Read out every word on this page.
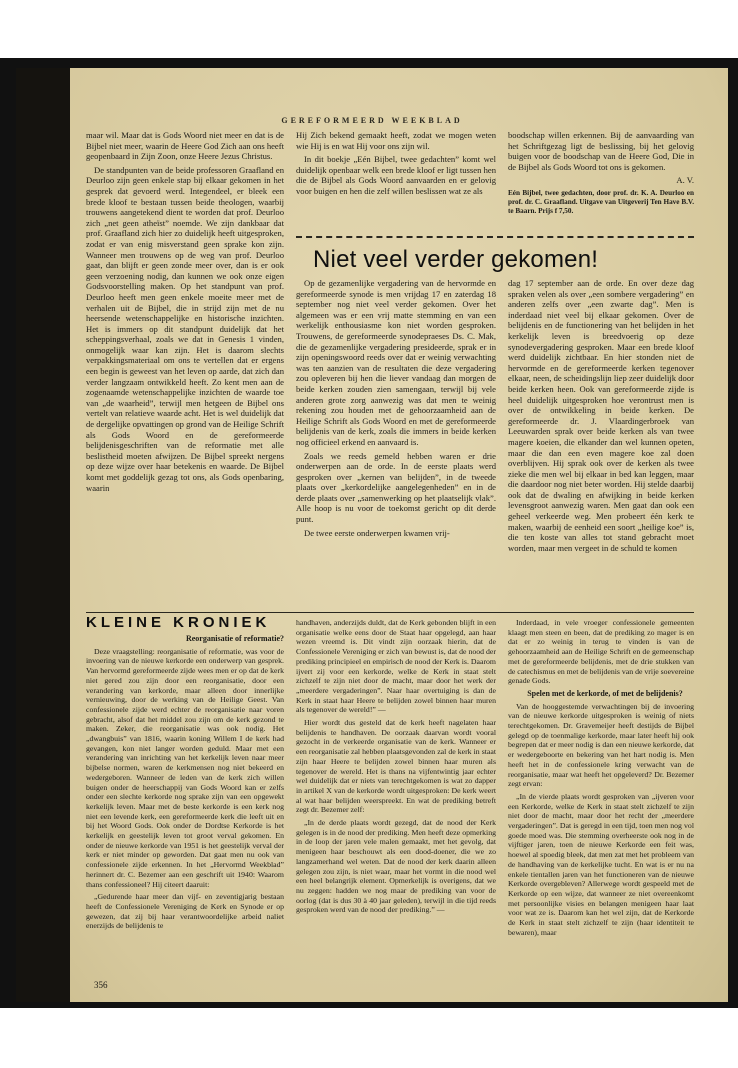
GEREFORMEERD WEEKBLAD

maar wil. Maar dat is Gods Woord niet meer en dat is de Bijbel niet meer, waarin de Heere God Zich aan ons heeft geopenbaard in Zijn Zoon, onze Heere Jezus Christus.

De standpunten van de beide professoren Graafland en Deurloo zijn geen enkele stap bij elkaar gekomen in het gesprek dat gevoerd werd. Integendeel, er bleek een brede kloof te bestaan tussen beide theologen, waarbij trouwens aangetekend dient te worden dat prof. Deurloo zich „net geen atheïst” noemde. We zijn dankbaar dat prof. Graafland zich hier zo duidelijk heeft uitgesproken, zodat er van enig misverstand geen sprake kon zijn. Wanneer men trouwens op de weg van prof. Deurloo gaat, dan blijft er geen zonde meer over, dan is er ook geen verzoening nodig, dan kunnen we ook onze eigen Godsvoorstelling maken. Op het standpunt van prof. Deurloo heeft men geen enkele moeite meer met de verhalen uit de Bijbel, die in strijd zijn met de nu heersende wetenschappelijke en historische inzichten. Het is immers op dit standpunt duidelijk dat het scheppingsverhaal, zoals we dat in Genesis 1 vinden, onmogelijk waar kan zijn. Het is daarom slechts verpakkingsmateriaal om ons te vertellen dat er ergens een begin is geweest van het leven op aarde, dat zich dan verder langzaam ontwikkeld heeft. Zo kent men aan de zogenaamde wetenschappelijke inzichten de waarde toe van „de waarheid”, terwijl men hetgeen de Bijbel ons vertelt van relatieve waarde acht. Het is wel duidelijk dat de dergelijke opvattingen op grond van de Heilige Schrift als Gods Woord en de gereformeerde belijdenisgeschriften van de reformatie met alle beslistheid moeten afwijzen. De Bijbel spreekt nergens op deze wijze over haar betekenis en waarde. De Bijbel komt met goddelijk gezag tot ons, als Gods openbaring, waarin

Hij Zich bekend gemaakt heeft, zodat we mogen weten wie Hij is en wat Hij voor ons zijn wil.

In dit boekje „Eén Bijbel, twee gedachten” komt wel duidelijk openbaar welk een brede kloof er ligt tussen hen die de Bijbel als Gods Woord aanvaarden en er gelovig voor buigen en hen die zelf willen beslissen wat ze als

boodschap willen erkennen. Bij de aanvaarding van het Schriftgezag ligt de beslissing, bij het gelovig buigen voor de boodschap van de Heere God, Die in de Bijbel als Gods Woord tot ons is gekomen.

A. V.

Eén Bijbel, twee gedachten, door prof. dr. K. A. Deurloo en prof. dr. C. Graafland. Uitgave van Uitgeverij Ten Have B.V. te Baarn. Prijs f 7,50.

Niet veel verder gekomen!

Op de gezamenlijke vergadering van de hervormde en gereformeerde synode is men vrijdag 17 en zaterdag 18 september nog niet veel verder gekomen. Over het algemeen was er een vrij matte stemming en van een werkelijk enthousiasme kon niet worden gesproken. Trouwens, de gereformeerde synodepraeses Ds. C. Mak, die de gezamenlijke vergadering presideerde, sprak er in zijn openingswoord reeds over dat er weinig verwachting was ten aanzien van de resultaten die deze vergadering zou opleveren bij hen die liever vandaag dan morgen de beide kerken zouden zien samengaan, terwijl bij vele anderen grote zorg aanwezig was dat men te weinig rekening zou houden met de gehoorzaamheid aan de Heilige Schrift als Gods Woord en met de gereformeerde belijdenis van de kerk, zoals die immers in beide kerken nog officieel erkend en aanvaard is.

Zoals we reeds gemeld hebben waren er drie onderwerpen aan de orde. In de eerste plaats werd gesproken over „kernen van belijden”, in de tweede plaats over „kerkordelijke aangelegenheden” en in de derde plaats over „samenwerking op het plaatselijk vlak”. Alle hoop is nu voor de toekomst gericht op dit derde punt.

De twee eerste onderwerpen kwamen vrij-

dag 17 september aan de orde. En over deze dag spraken velen als over „een sombere vergadering” en anderen zelfs over „een zwarte dag”. Men is inderdaad niet veel bij elkaar gekomen. Over de belijdenis en de functionering van het belijden in het kerkelijk leven is breedvoerig op deze synodevergadering gesproken. Maar een brede kloof werd duidelijk zichtbaar. En hier stonden niet de hervormde en de gereformeerde kerken tegenover elkaar, neen, de scheidingslijn liep zeer duidelijk door beide kerken heen. Ook van gereformeerde zijde is heel duidelijk uitgesproken hoe verontrust men is over de ontwikkeling in beide kerken. De gereformeerde dr. J. Vlaardingerbroek van Leeuwarden sprak over beide kerken als van twee magere koeien, die elkander dan wel kunnen opeten, maar die dan een even magere koe zal doen overblijven. Hij sprak ook over de kerken als twee zieke die men wel bij elkaar in bed kan leggen, maar die daardoor nog niet beter worden. Hij stelde daarbij ook dat de dwaling en afwijking in beide kerken levensgroot aanwezig waren. Men gaat dan ook een geheel verkeerde weg. Men probeert één kerk te maken, waarbij de eenheid een soort „heilige koe” is, die ten koste van alles tot stand gebracht moet worden, maar men vergeet in de schuld te komen

KLEINE KRONIEK

Reorganisatie of reformatie?

Deze vraagstelling: reorganisatie of reformatie, was voor de invoering van de nieuwe kerkorde een onderwerp van gesprek. Van hervormd gereformeerde zijde wees men er op dat de kerk niet gered zou zijn door een reorganisatie, door een verandering van kerkorde, maar alleen door innerlijke vernieuwing, door de werking van de Heilige Geest. Van confessionele zijde werd echter de reorganisatie naar voren gebracht, alsof dat het middel zou zijn om de kerk gezond te maken. Zeker, die reorganisatie was ook nodig. Het „dwangbuis” van 1816, waarin koning Willem I de kerk had gevangen, kon niet langer worden geduld. Maar met een verandering van inrichting van het kerkelijk leven naar meer bijbelse normen, waren de kerkmensen nog niet bekeerd en wedergeboren. Wanneer de leden van de kerk zich willen buigen onder de heerschappij van Gods Woord kan er zelfs onder een slechte kerkorde nog sprake zijn van een opgewekt kerkelijk leven. Maar met de beste kerkorde is een kerk nog niet een levende kerk, een gereformeerde kerk die leeft uit en bij het Woord Gods. Ook onder de Dordtse Kerkorde is het kerkelijk en geestelijk leven tot groot verval gekomen. En onder de nieuwe kerkorde van 1951 is het geestelijk verval der kerk er niet minder op geworden. Dat gaat men nu ook van confessionele zijde erkennen. In het „Hervormd Weekblad” herinnert dr. C. Bezemer aan een geschrift uit 1940: Waarom thans confessioneel? Hij citeert daaruit:

„Gedurende haar meer dan vijf- en zeventigjarig bestaan heeft de Confessionele Vereniging de Kerk en Synode er op gewezen, dat zij bij haar verantwoordelijke arbeid naliet enerzijds de belijdenis te

handhaven, anderzijds duldt, dat de Kerk gebonden blijft in een organisatie welke eens door de Staat haar opgelegd, aan haar wezen vreemd is. Dit vindt zijn oorzaak hierin, dat de Confessionele Vereniging er zich van bewust is, dat de nood der prediking principieel en empirisch de nood der Kerk is. Daarom ijvert zij voor een kerkorde, welke de Kerk in staat stelt zichzelf te zijn niet door de macht, maar door het werk der „meerdere vergaderingen”. Naar haar overtuiging is dan de Kerk in staat haar Heere te belijden zowel binnen haar muren als tegenover de wereld!” —

Hier wordt dus gesteld dat de kerk heeft nagelaten haar belijdenis te handhaven. De oorzaak daarvan wordt vooral gezocht in de verkeerde organisatie van de kerk. Wanneer er een reorganisatie zal hebben plaatsgevonden zal de kerk in staat zijn haar Heere te belijden zowel binnen haar muren als tegenover de wereld. Het is thans na vijfentwintig jaar echter wel duidelijk dat er niets van terechtgekomen is wat zo dapper in artikel X van de kerkorde wordt uitgesproken: De kerk weert al wat haar belijden weerspreekt. En wat de prediking betreft zegt dr. Bezemer zelf:

„In de derde plaats wordt gezegd, dat de nood der Kerk gelegen is in de nood der prediking. Men heeft deze opmerking in de loop der jaren vele malen gemaakt, met het gevolg, dat menigeen haar beschouwt als een dood-doener, die we zo langzamerhand wel weten. Dat de nood der kerk daarin alleen gelegen zou zijn, is niet waar, maar het vormt in die nood wel een heel belangrijk element. Opmerkelijk is overigens, dat we nu zeggen: hadden we nog maar de prediking van voor de oorlog (dat is dus 30 à 40 jaar geleden), terwijl in die tijd reeds gesproken werd van de nood der prediking.” —

Inderdaad, in vele vroeger confessionele gemeenten klaagt men steen en been, dat de prediking zo mager is en dat er zo weinig in terug te vinden is van de gehoorzaamheid aan de Heilige Schrift en de gemeenschap met de gereformeerde belijdenis, met de drie stukken van de catechismus en met de belijdenis van de vrije soevereine genade Gods.

Spelen met de kerkorde, of met de belijdenis?

Van de hooggestemde verwachtingen bij de invoering van de nieuwe kerkorde uitgesproken is weinig of niets terechtgekomen. Dr. Gravemeijer heeft destijds de Bijbel gelegd op de toenmalige kerkorde, maar later heeft hij ook begrepen dat er meer nodig is dan een nieuwe kerkorde, dat er wedergeboorte en bekering van het hart nodig is. Men heeft het in de confessionele kring verwacht van de reorganisatie, maar wat heeft het opgeleverd? Dr. Bezemer zegt ervan:

„In de vierde plaats wordt gesproken van „ijveren voor een Kerkorde, welke de Kerk in staat stelt zichzelf te zijn niet door de macht, maar door het recht der „meerdere vergaderingen”. Dat is geregd in een tijd, toen men nog vol goede moed was. Die stemming overheerste ook nog in de vijftiger jaren, toen de nieuwe Kerkorde een feit was, hoewel al spoedig bleek, dat men zat met het probleem van de handhaving van de kerkelijke tucht. En wat is er nu na enkele tientallen jaren van het functioneren van de nieuwe Kerkorde overgebleven? Allerwege wordt gespeeld met de Kerkorde op een wijze, dat wanneer ze niet overeenkomt met persoonlijke visies en belangen menigeen haar laat voor wat ze is. Daarom kan het wel zijn, dat de Kerkorde de Kerk in staat stelt zichzelf te zijn (haar identiteit te bewaren), maar

356
